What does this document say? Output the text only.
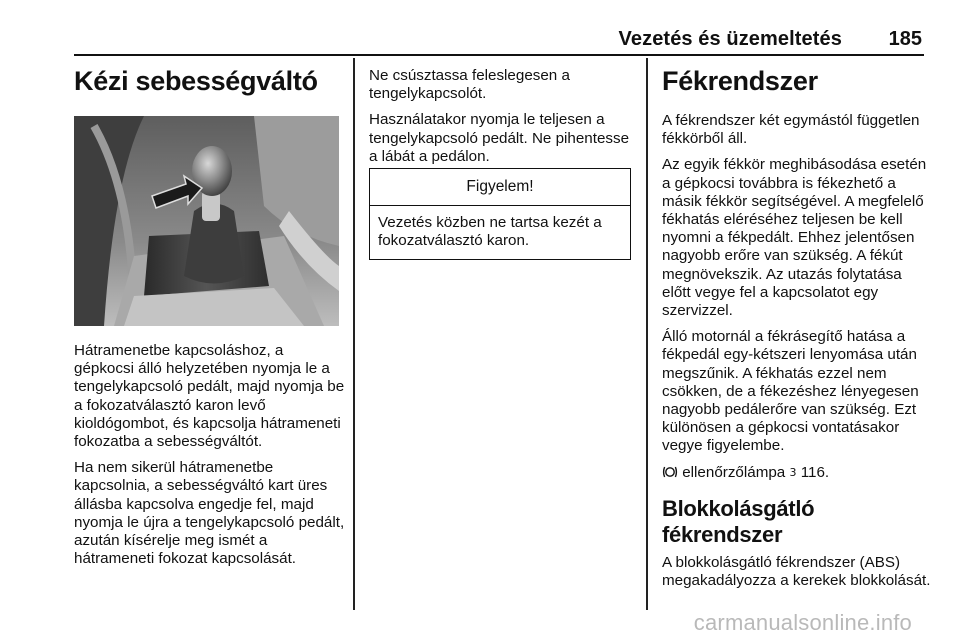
Vezetés és üzemeltetés 185
Kézi sebességváltó

Hátramenetbe kapcsoláshoz, a gépkocsi álló helyzetében nyomja le a tengelykapcsoló pedált, majd nyomja be a fokozatválasztó karon levő kioldógombot, és kapcsolja hátrameneti fokozatba a sebességváltót.

Ha nem sikerül hátramenetbe kapcsolnia, a sebességváltó kart üres állásba kapcsolva engedje fel, majd nyomja le újra a tengelykapcsoló pedált, azután kísérelje meg ismét a hátrameneti fokozat kapcsolását.

Ne csúsztassa feleslegesen a tengelykapcsolót.

Használatakor nyomja le teljesen a tengelykapcsoló pedált. Ne pihentesse a lábát a pedálon.

Figyelem!
Vezetés közben ne tartsa kezét a fokozatválasztó karon.
Fékrendszer

A fékrendszer két egymástól független fékkörből áll.

Az egyik fékkör meghibásodása esetén a gépkocsi továbbra is fékezhető a másik fékkör segítségével. A megfelelő fékhatás eléréséhez teljesen be kell nyomni a fékpedált. Ehhez jelentősen nagyobb erőre van szükség. A fékút megnövekszik. Az utazás folytatása előtt vegye fel a kapcsolatot egy szervizzel.

Álló motornál a fékrásegítő hatása a fékpedál egy-kétszeri lenyomása után megszűnik. A fékhatás ezzel nem csökken, de a fékezéshez lényegesen nagyobb pedálerőre van szükség. Ezt különösen a gépkocsi vontatásakor vegye figyelembe.

ellenőrzőlámpa 3 116.

Blokkolásgátló fékrendszer

A blokkolásgátló fékrendszer (ABS) megakadályozza a kerekek blokkolását.

carmanualsonline.info
